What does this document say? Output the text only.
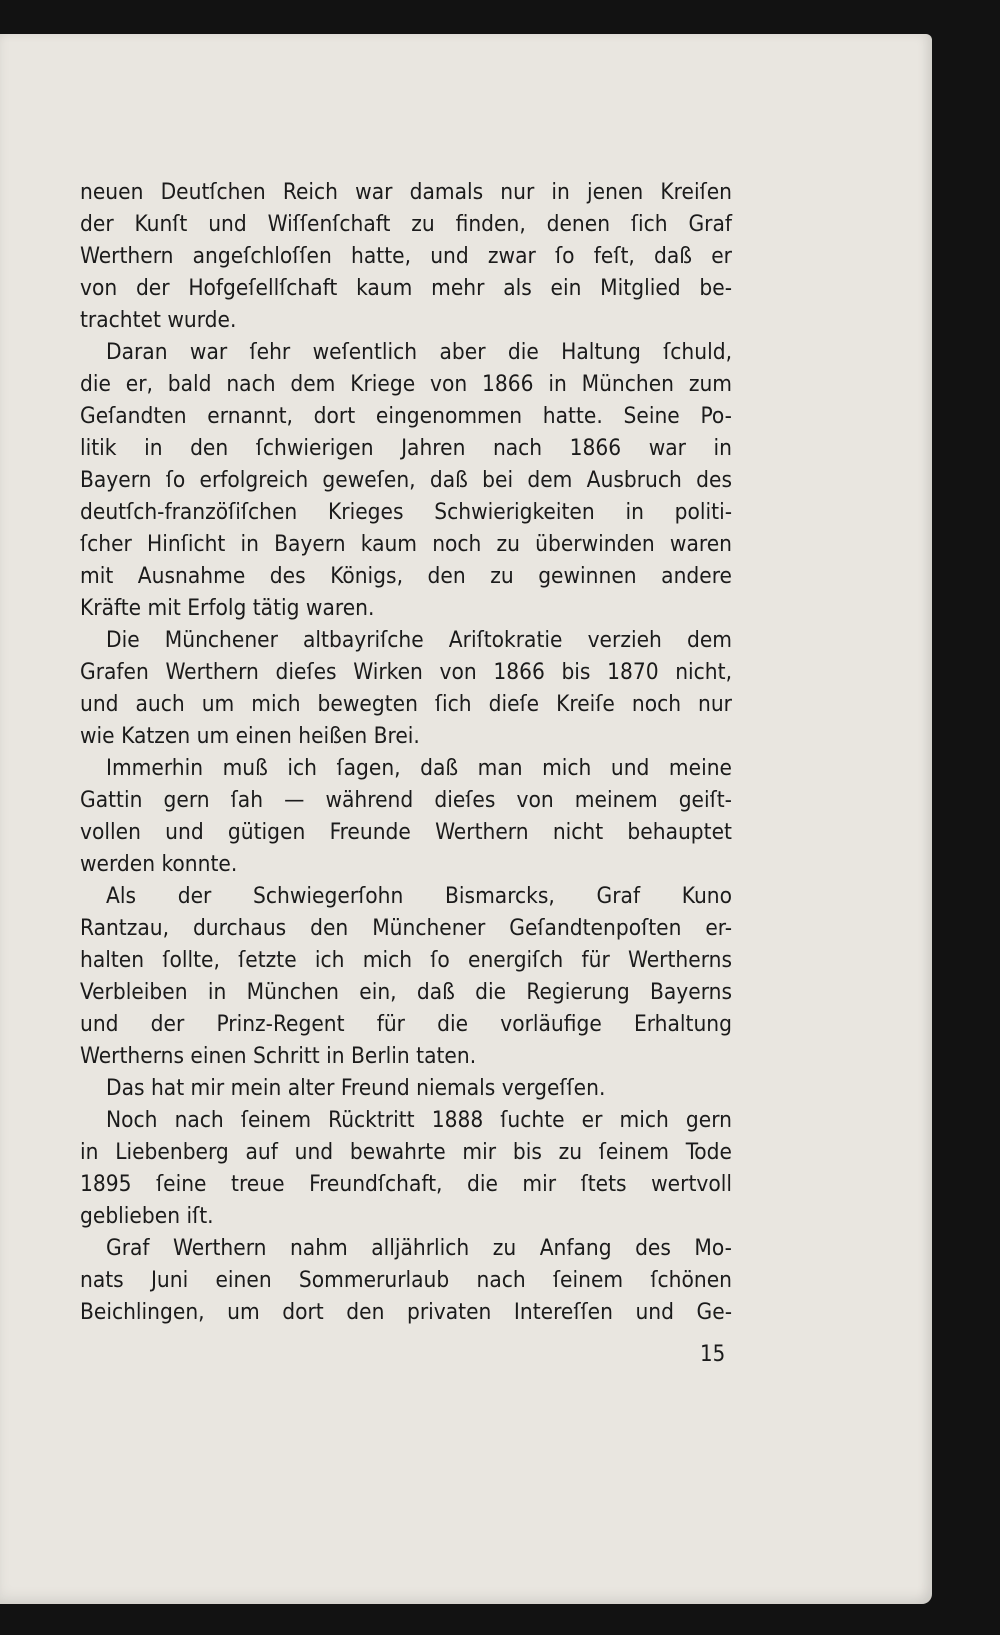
neuen Deutſchen Reich war damals nur in jenen Kreiſen
der Kunſt und Wiſſenſchaft zu finden, denen ſich Graf
Werthern angeſchloſſen hatte, und zwar ſo feſt, daß er
von der Hofgeſellſchaft kaum mehr als ein Mitglied be-
trachtet wurde.

Daran war ſehr weſentlich aber die Haltung ſchuld,
die er, bald nach dem Kriege von 1866 in München zum
Geſandten ernannt, dort eingenommen hatte. Seine Po-
litik in den ſchwierigen Jahren nach 1866 war in
Bayern ſo erfolgreich geweſen, daß bei dem Ausbruch des
deutſch-franzöſiſchen Krieges Schwierigkeiten in politi-
ſcher Hinſicht in Bayern kaum noch zu überwinden waren
mit Ausnahme des Königs, den zu gewinnen andere
Kräfte mit Erfolg tätig waren.

Die Münchener altbayriſche Ariſtokratie verzieh dem
Grafen Werthern dieſes Wirken von 1866 bis 1870 nicht,
und auch um mich bewegten ſich dieſe Kreiſe noch nur
wie Katzen um einen heißen Brei.

Immerhin muß ich ſagen, daß man mich und meine
Gattin gern ſah — während dieſes von meinem geiſt-
vollen und gütigen Freunde Werthern nicht behauptet
werden konnte.

Als der Schwiegerſohn Bismarcks, Graf Kuno
Rantzau, durchaus den Münchener Geſandtenpoſten er-
halten ſollte, ſetzte ich mich ſo energiſch für Wertherns
Verbleiben in München ein, daß die Regierung Bayerns
und der Prinz-Regent für die vorläufige Erhaltung
Wertherns einen Schritt in Berlin taten.

Das hat mir mein alter Freund niemals vergeſſen.

Noch nach ſeinem Rücktritt 1888 ſuchte er mich gern
in Liebenberg auf und bewahrte mir bis zu ſeinem Tode
1895 ſeine treue Freundſchaft, die mir ſtets wertvoll
geblieben iſt.

Graf Werthern nahm alljährlich zu Anfang des Mo-
nats Juni einen Sommerurlaub nach ſeinem ſchönen
Beichlingen, um dort den privaten Intereſſen und Ge-

15
